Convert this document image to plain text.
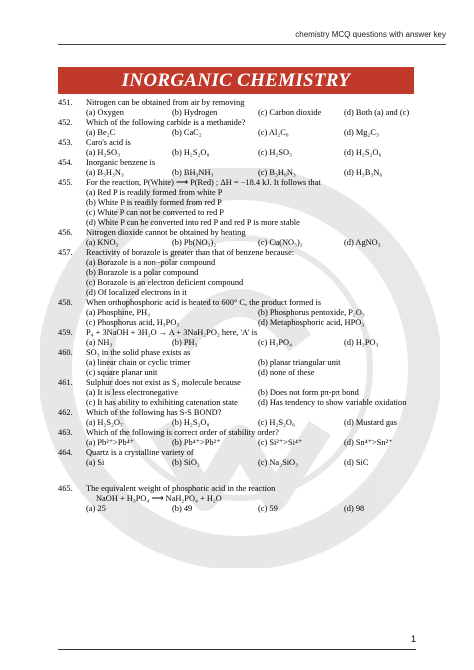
chemistry MCQ questions with answer key
INORGANIC CHEMISTRY
451.	Nitrogen can be obtained from air by removing
(a) Oxygen	(b) Hydrogen	(c) Carbon dioxide	(d) Both (a) and (c)
452.	Which of the following carbide is a methanide?
(a) Be₂C	(b) CaC₂	(c) Al₂C₆	(d) Mg₂C₃
453.	Caro's acid is
(a) H₂SO₃	(b) H₂S₂O₈	(c) H₂SO₅	(d) H₂S₂O₆
454.	Inorganic benzene is
(a) B₃H₃N₃	(b) BH₃NH₃	(c) B₃H₆N₃	(d) H₃B₃N₆
455.	For the reaction, P(White) ⟶ P(Red) ; ΔH = −18.4 kJ. It follows that
(a) Red P is readily formed from white P
(b) White P is readily formed from red P
(c) White P can not be converted to red P
(d) White P can be converted into red P and red P is more stable
456.	Nitrogen dioxide cannot be obtained by heating
(a) KNO₃	(b) Pb(NO₃)₂	(c) Cu(NO₃)₂	(d) AgNO₃
457.	Reactivity of borazole is greater than that of benzene because:
(a) Borazole is a non−polar compound
(b) Borazole is a polar compound
(c) Borazole is an electron deficient compound
(d) Of localized electrons in it
458.	When orthophosphoric acid is heated to 600° C, the product formed is
(a) Phosphine, PH₃	(b) Phosphorus pentoxide, P₂O₅
(c) Phosphorus acid, H₃PO₃	(d) Metaphosphoric acid, HPO₃
459.	P₄ + 3NaOH + 3H₂O → A + 3NaH₂PO₂ here, 'A' is
(a) NH₃	(b) PH₃	(c) H₃PO₄	(d) H₃PO₃
460.	SO₃ in the solid phase exists as
(a) linear chain or cyclic trimer	(b) planar triangular unit
(c) square planar unit	(d) none of these
461.	Sulphur does not exist as S₂ molecule because
(a) It is less electronegative	(b) Does not form pπ-pπ bond
(c) It has ability to exhibiting catenation state	(d) Has tendency to show variable oxidation
462.	Which of the following has S-S BOND?
(a) H₂S₂O₇	(b) H₂S₂O₈	(c) H₂S₂O₆	(d) Mustard gas
463.	Which of the following is correct order of stability order?
(a) Pb²⁺>Pb⁴⁺	(b) Pb⁴⁺>Pb²⁺	(c) Si²⁺>Si⁴⁺	(d) Sn⁴⁺>Sn²⁺
464.	Quartz is a crystalline variety of
(a) Si	(b) SiO₂	(c) Na₂SiO₃	(d) SiC
465.	The equivalent weight of phosphoric acid in the reaction
NaOH + H₃PO₄ ⟶ NaH₂PO₄ + H₂O
(a) 25	(b) 49	(c) 59	(d) 98
1
